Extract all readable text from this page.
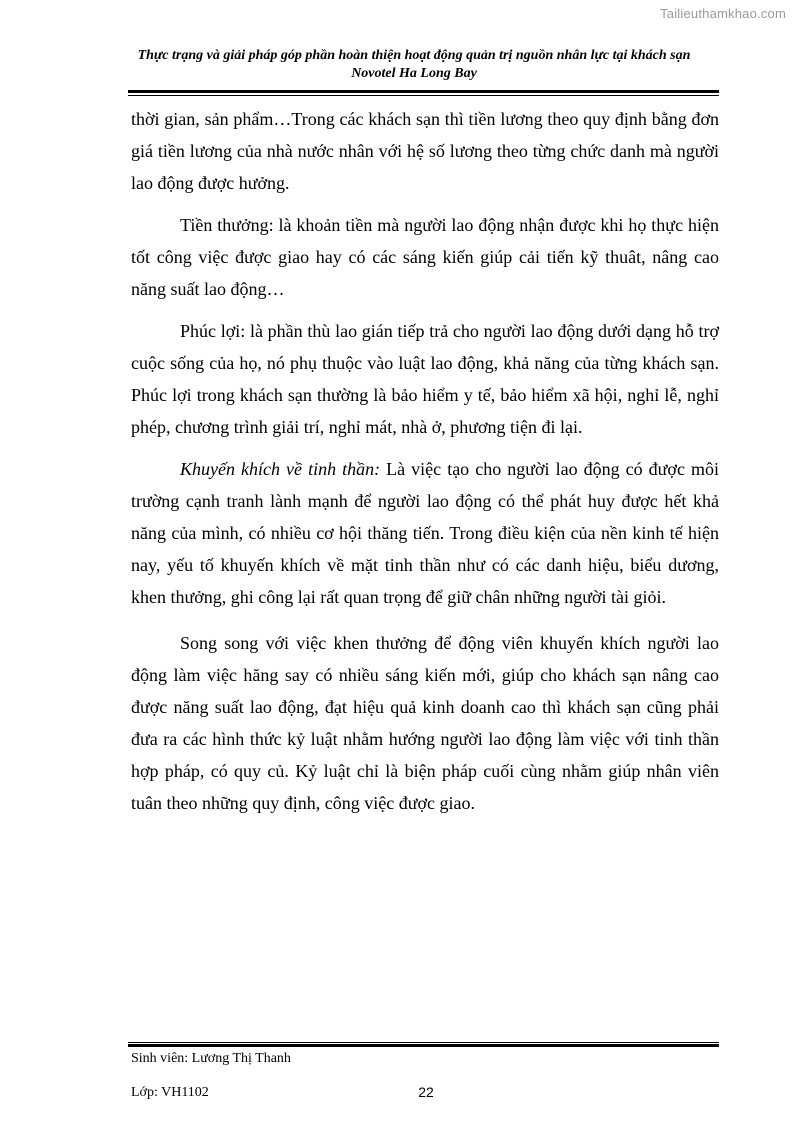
Tailieuthamkhao.com
Thực trạng và giải pháp góp phần hoàn thiện hoạt động quản trị nguồn nhân lực tại khách sạn
Novotel Ha Long Bay

thời gian, sản phẩm…Trong các khách sạn thì tiền lương theo quy định bằng đơn giá tiền lương của nhà nước nhân với hệ số lương theo từng chức danh mà người lao động được hưởng.

Tiền thưởng: là khoản tiền mà người lao động nhận được khi họ thực hiện tốt công việc được giao hay có các sáng kiến giúp cải tiến kỹ thuât, nâng cao năng suất lao động…

Phúc lợi: là phần thù lao gián tiếp trả cho người lao động dưới dạng hỗ trợ cuộc sống của họ, nó phụ thuộc vào luật lao động, khả năng của từng khách sạn. Phúc lợi trong khách sạn thường là bảo hiểm y tế, bảo hiểm xã hội, nghỉ lễ, nghỉ phép, chương trình giải trí, nghỉ mát, nhà ở, phương tiện đi lại.

Khuyến khích về tinh thần: Là việc tạo cho người lao động có được môi trường cạnh tranh lành mạnh để người lao động có thể phát huy được hết khả năng của mình, có nhiều cơ hội thăng tiến. Trong điều kiện của nền kinh tế hiện nay, yếu tố khuyến khích về mặt tinh thần như có các danh hiệu, biểu dương, khen thưởng, ghi công lại rất quan trọng để giữ chân những người tài giỏi.

Song song với việc khen thưởng để động viên khuyến khích người lao động làm việc hăng say có nhiều sáng kiến mới, giúp cho khách sạn nâng cao được năng suất lao động, đạt hiệu quả kinh doanh cao thì khách sạn cũng phải đưa ra các hình thức kỷ luật nhằm hướng người lao động làm việc với tinh thần hợp pháp, có quy củ. Kỷ luật chỉ là biện pháp cuối cùng nhằm giúp nhân viên tuân theo những quy định, công việc được giao.

Sinh viên: Lương Thị Thanh
Lớp: VH1102	22
